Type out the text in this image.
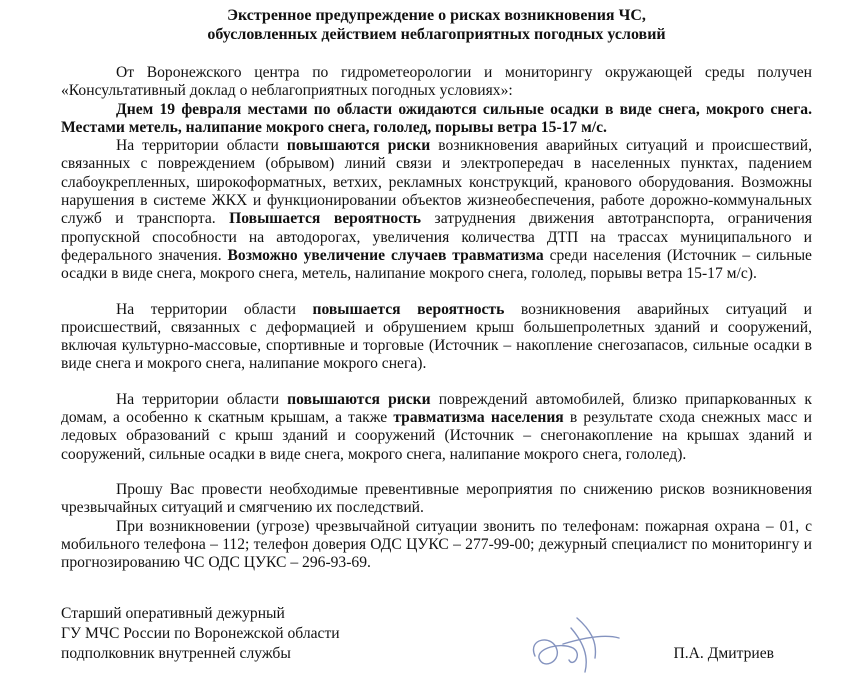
Экстренное предупреждение о рисках возникновения ЧС,
обусловленных действием неблагоприятных погодных условий

От Воронежского центра по гидрометеорологии и мониторингу окружающей среды получен «Консультативный доклад о неблагоприятных погодных условиях»:

Днем 19 февраля местами по области ожидаются сильные осадки в виде снега, мокрого снега. Местами метель, налипание мокрого снега, гололед, порывы ветра 15-17 м/с.

На территории области повышаются риски возникновения аварийных ситуаций и происшествий, связанных с повреждением (обрывом) линий связи и электропередач в населенных пунктах, падением слабоукрепленных, широкоформатных, ветхих, рекламных конструкций, кранового оборудования. Возможны нарушения в системе ЖКХ и функционировании объектов жизнеобеспечения, работе дорожно-коммунальных служб и транспорта. Повышается вероятность затруднения движения автотранспорта, ограничения пропускной способности на автодорогах, увеличения количества ДТП на трассах муниципального и федерального значения. Возможно увеличение случаев травматизма среди населения (Источник – сильные осадки в виде снега, мокрого снега, метель, налипание мокрого снега, гололед, порывы ветра 15-17 м/с).

На территории области повышается вероятность возникновения аварийных ситуаций и происшествий, связанных с деформацией и обрушением крыш большепролетных зданий и сооружений, включая культурно-массовые, спортивные и торговые (Источник – накопление снегозапасов, сильные осадки в виде снега и мокрого снега, налипание мокрого снега).

На территории области повышаются риски повреждений автомобилей, близко припаркованных к домам, а особенно к скатным крышам, а также травматизма населения в результате схода снежных масс и ледовых образований с крыш зданий и сооружений (Источник – снегонакопление на крышах зданий и сооружений, сильные осадки в виде снега, мокрого снега, налипание мокрого снега, гололед).

Прошу Вас провести необходимые превентивные мероприятия по снижению рисков возникновения чрезвычайных ситуаций и смягчению их последствий.

При возникновении (угрозе) чрезвычайной ситуации звонить по телефонам: пожарная охрана – 01, с мобильного телефона – 112; телефон доверия ОДС ЦУКС – 277-99-00; дежурный специалист по мониторингу и прогнозированию ЧС ОДС ЦУКС – 296-93-69.

Старший оперативный дежурный
ГУ МЧС России по Воронежской области
подполковник внутренней службы	П.А. Дмитриев
